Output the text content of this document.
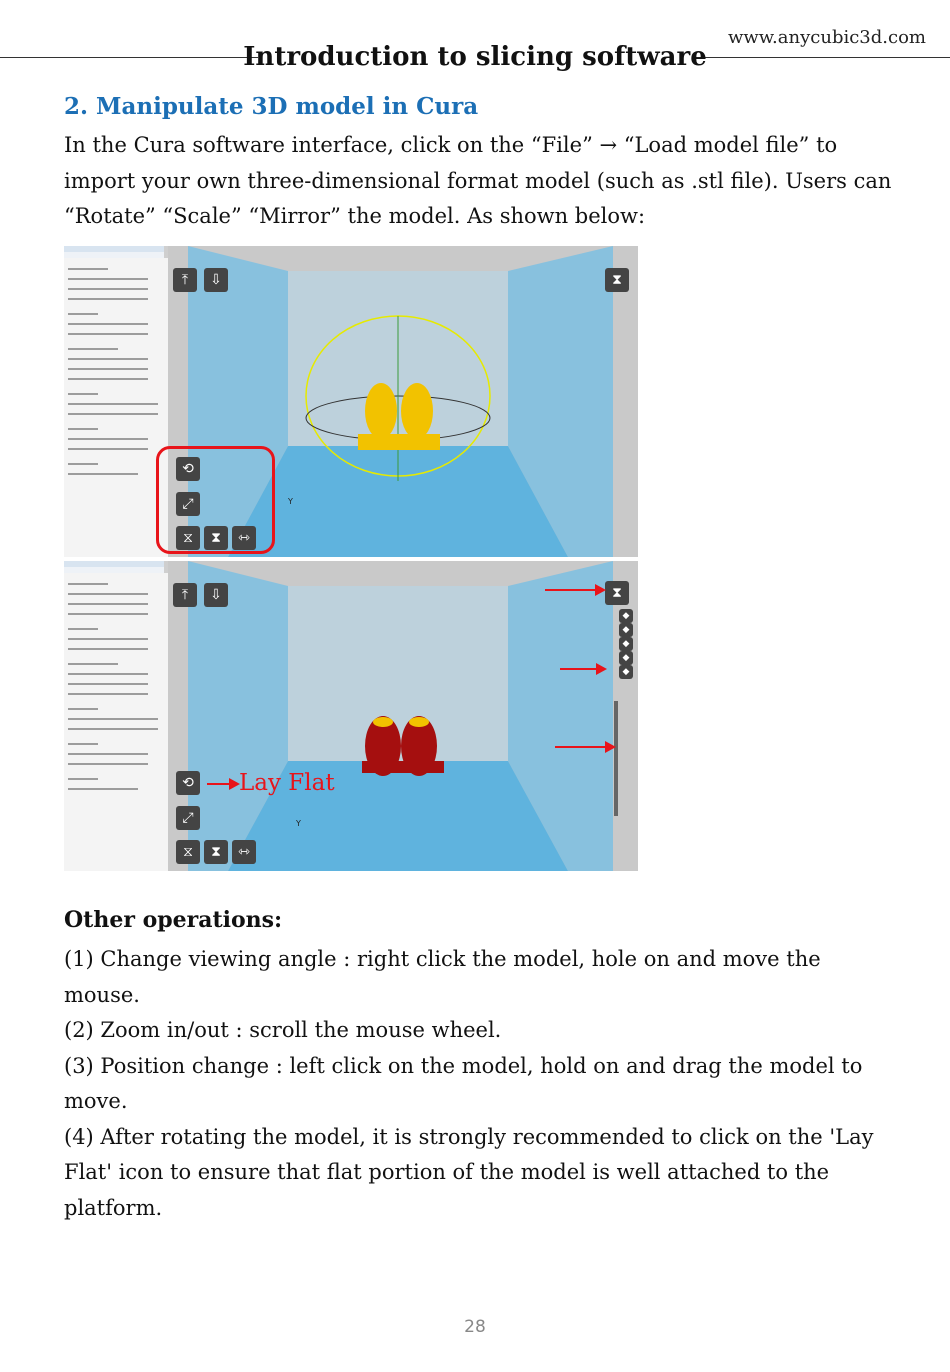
www.anycubic3d.com
Introduction to slicing software
2. Manipulate 3D model in Cura

In the Cura software interface, click on the “File” → “Load model file” to import your own three-dimensional format model (such as .stl file). Users can “Rotate” “Scale” “Mirror” the model. As shown below:

Y
⤒	⇩	⧗
⟲
⤢
⧖	⧗	⇿
Y
⤒	⇩	⧗
◆
◆
◆
◆
◆
⟲
⤢
⧖	⧗	⇿
Lay Flat
Other operations:

(1) Change viewing angle : right click the model, hole on and move the mouse.

(2) Zoom in/out : scroll the mouse wheel.

(3) Position change : left click on the model, hold on and drag the model to move.

(4) After rotating the model, it is strongly recommended to click on the 'Lay Flat' icon to ensure that flat portion of the model is well attached to the platform.

28
